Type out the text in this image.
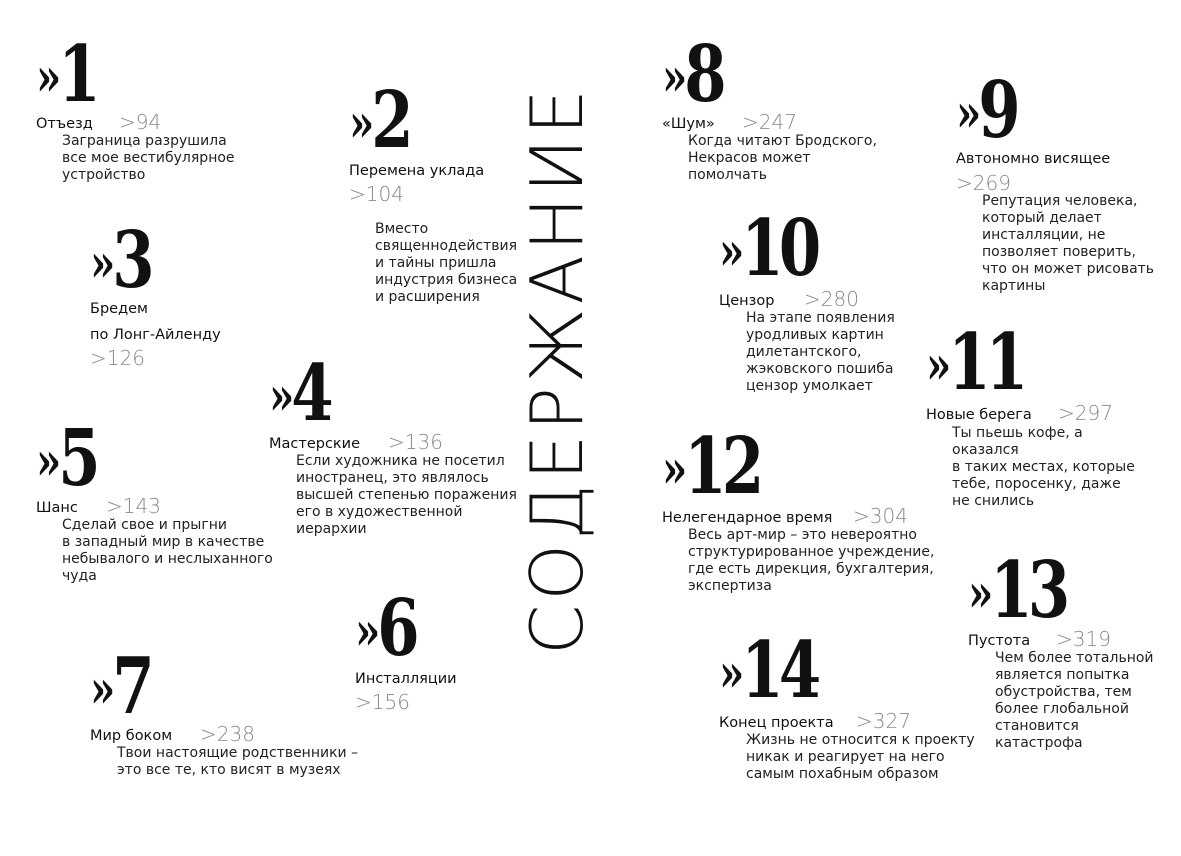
СОДЕРЖАНИЕ
»1
Отъезд >94
Заграница разрушила
все мое вестибулярное
устройство
»2
Перемена уклада
>104
Вместо
священнодействия
и тайны пришла
индустрия бизнеса
и расширения
»3
Бредем
по Лонг-Айленду
>126
»4
Мастерские >136
Если художника не посетил
иностранец, это являлось
высшей степенью поражения
его в художественной
иерархии
»5
Шанс >143
Сделай свое и прыгни
в западный мир в качестве
небывалого и неслыханного
чуда
»6
Инсталляции
>156
»7
Мир боком >238
Твои настоящие родственники –
это все те, кто висят в музеях
»8
«Шум» >247
Когда читают Бродского,
Некрасов может
помолчать
»9
Автономно висящее
>269
Репутация человека,
который делает
инсталляции, не
позволяет поверить,
что он может рисовать
картины
»10
Цензор >280
На этапе появления
уродливых картин
дилетантского,
жэковского пошиба
цензор умолкает	»11
Новые берега >297
Ты пьешь кофе, а
оказался
в таких местах, которые
тебе, поросенку, даже
не снились
»12
Нелегендарное время >304
Весь арт-мир – это невероятно
структурированное учреждение,
где есть дирекция, бухгалтерия,
экспертиза	»13
Пустота >319
Чем более тотальной
является попытка
обустройства, тем
более глобальной
становится
катастрофа
»14
Конец проекта >327
Жизнь не относится к проекту
никак и реагирует на него
самым похабным образом
